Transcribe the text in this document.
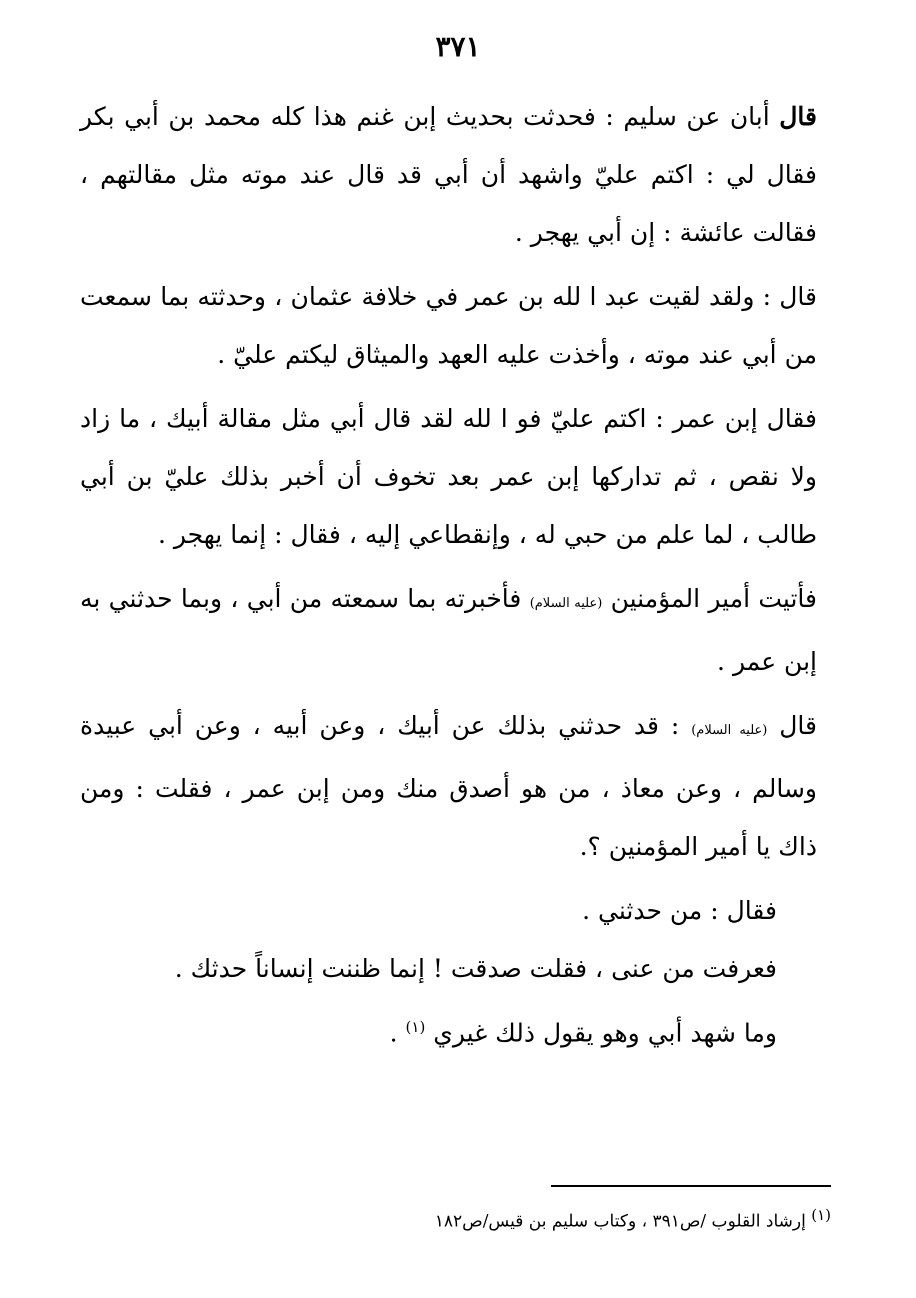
٣٧١

قال أبان عن سليم : فحدثت بحديث إبن غنم هذا كله محمد بن أبي بكر فقال لي : اكتم عليّ واشهد أن أبي قد قال عند موته مثل مقالتهم ، فقالت عائشة : إن أبي يهجر .

قال : ولقد لقيت عبد ا لله بن عمر في خلافة عثمان ، وحدثته بما سمعت من أبي عند موته ، وأخذت عليه العهد والميثاق ليكتم عليّ .

فقال إبن عمر : اكتم عليّ فو ا لله لقد قال أبي مثل مقالة أبيك ، ما زاد ولا نقص ، ثم تداركها إبن عمر بعد تخوف أن أخبر بذلك عليّ بن أبي طالب ، لما علم من حبي له ، وإنقطاعي إليه ، فقال : إنما يهجر .

فأتيت أمير المؤمنين (عليه السلام) فأخبرته بما سمعته من أبي ، وبما حدثني به إبن عمر .

قال (عليه السلام) : قد حدثني بذلك عن أبيك ، وعن أبيه ، وعن أبي عبيدة وسالم ، وعن معاذ ، من هو أصدق منك ومن إبن عمر ، فقلت : ومن ذاك يا أمير المؤمنين ؟.

فقال : من حدثني .

فعرفت من عنى ، فقلت صدقت ! إنما ظننت إنساناً حدثك .

وما شهد أبي وهو يقول ذلك غيري $^{(١)}$ .

(١) إرشاد القلوب /ص٣٩١ ، وكتاب سليم بن قيس/ص١٨٢
